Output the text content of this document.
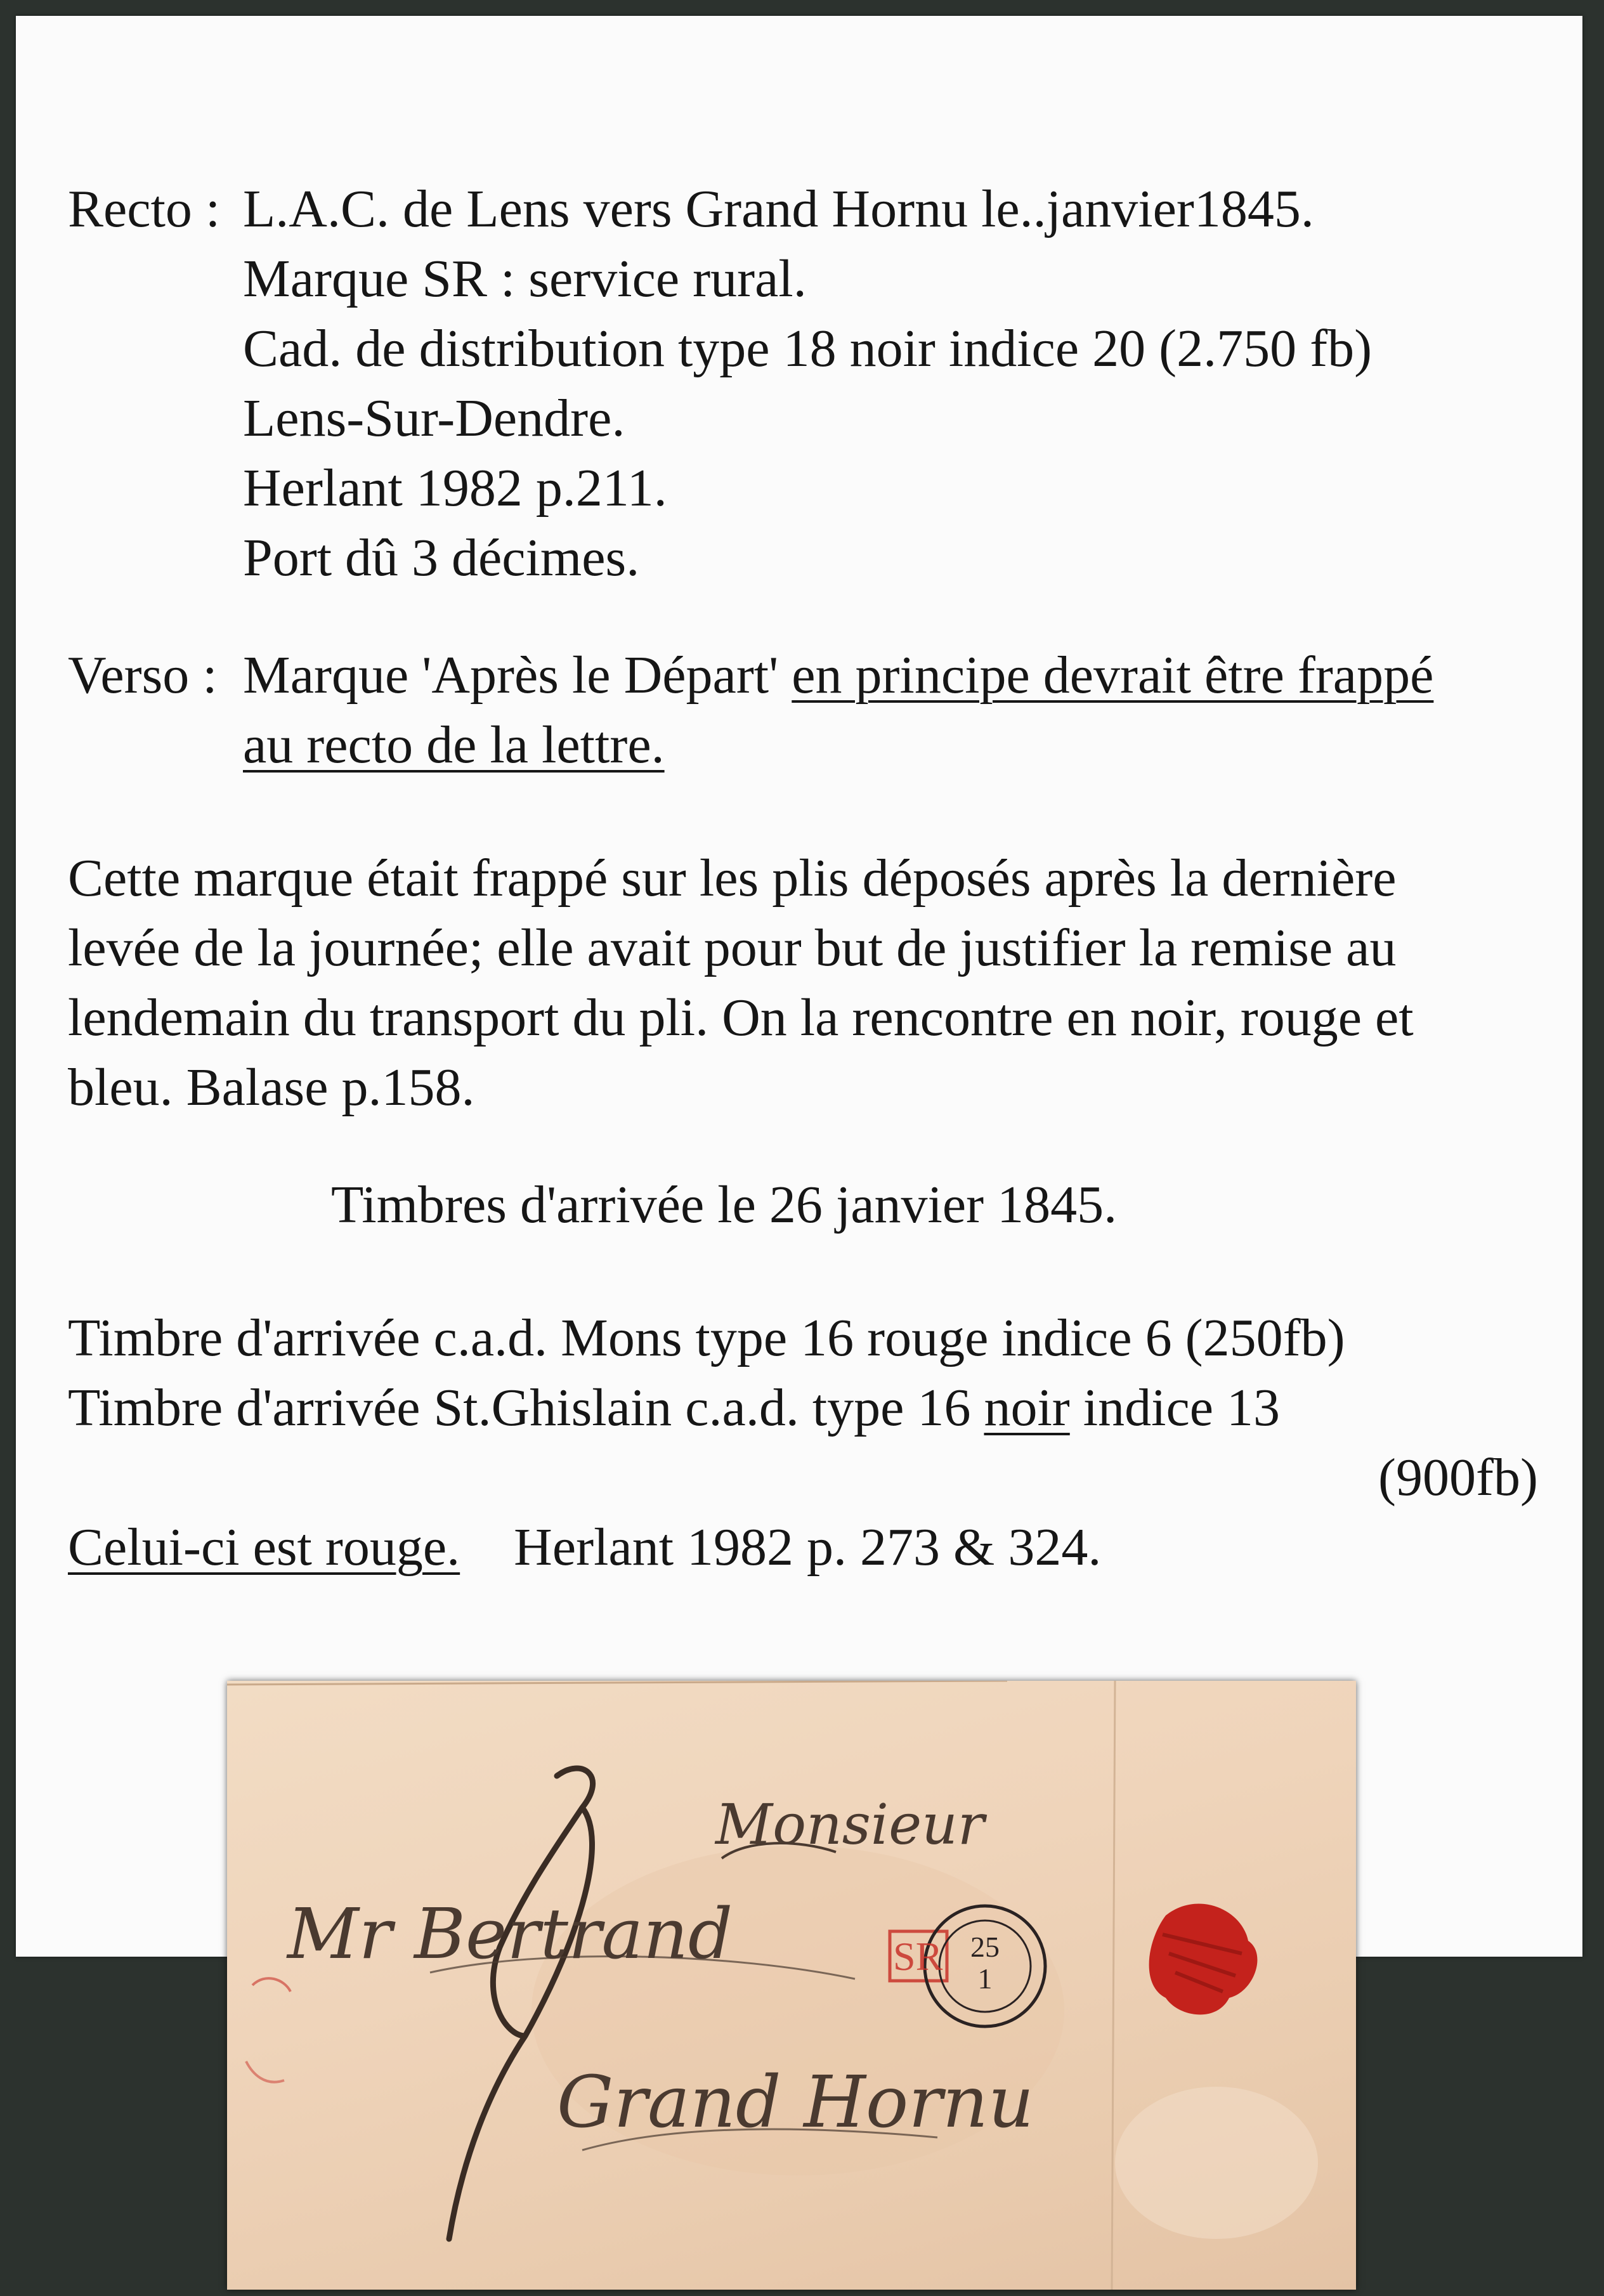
Recto : L.A.C. de Lens vers Grand Hornu le..janvier1845.
Marque SR : service rural.
Cad. de distribution type 18 noir indice 20 (2.750 fb)
Lens-Sur-Dendre.
Herlant 1982 p.211.
Port dû 3 décimes.
Verso : Marque 'Après le Départ' en principe devrait être frappé
au recto de la lettre.
Cette marque était frappé sur les plis déposés après la dernière
levée de la journée; elle avait pour but de justifier la remise au
lendemain du transport du pli. On la rencontre en noir, rouge et
bleu. Balase p.158.
Timbres d'arrivée le 26 janvier 1845.
Timbre d'arrivée c.a.d. Mons type 16 rouge indice 6 (250fb)
Timbre d'arrivée St.Ghislain c.a.d. type 16 noir indice 13
(900fb)
Celui-ci est rouge. Herlant 1982 p. 273 & 324.
Monsieur
Mr Bertrand
Grand Hornu
SR 25
1
